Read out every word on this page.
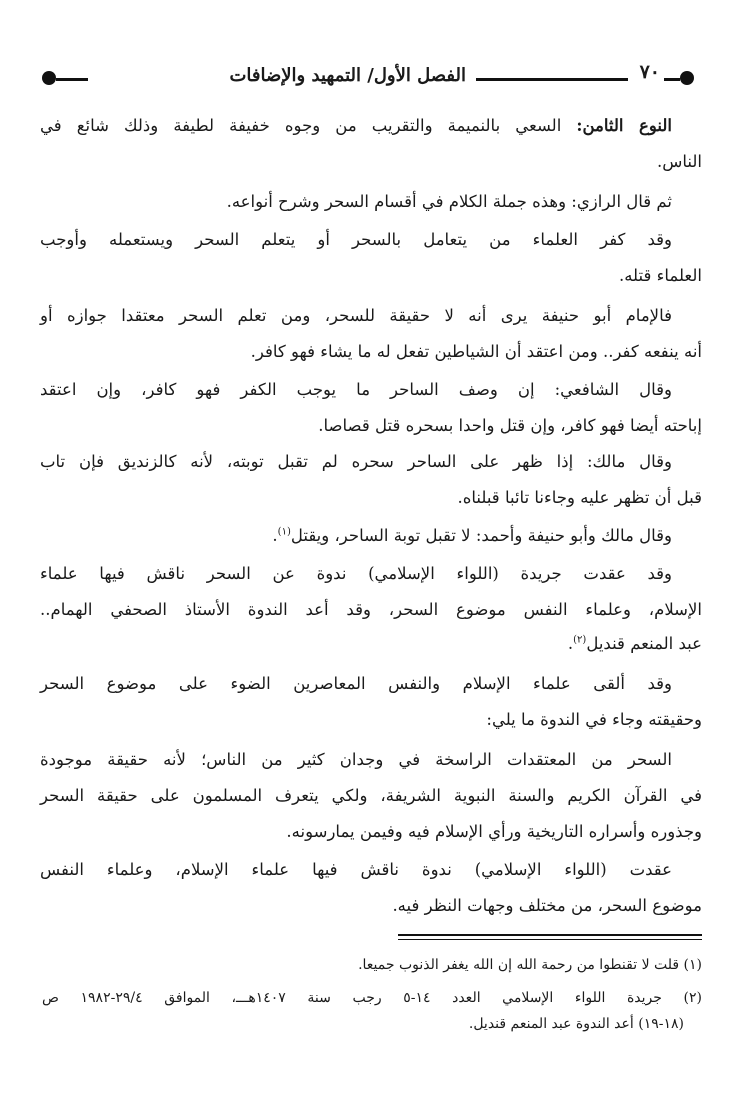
٧٠
الفصل الأول/ التمهيد والإضافات
النوع الثامن: السعي بالنميمة والتقريب من وجوه خفيفة لطيفة وذلك شائع في
الناس.
ثم قال الرازي: وهذه جملة الكلام في أقسام السحر وشرح أنواعه.
وقد كفر العلماء من يتعامل بالسحر أو يتعلم السحر ويستعمله وأوجب
العلماء قتله.
فالإمام أبو حنيفة يرى أنه لا حقيقة للسحر، ومن تعلم السحر معتقدا جوازه أو
أنه ينفعه كفر.. ومن اعتقد أن الشياطين تفعل له ما يشاء فهو كافر.
وقال الشافعي: إن وصف الساحر ما يوجب الكفر فهو كافر، وإن اعتقد
إباحته أيضا فهو كافر، وإن قتل واحدا بسحره قتل قصاصا.
وقال مالك: إذا ظهر على الساحر سحره لم تقبل توبته، لأنه كالزنديق فإن تاب
قبل أن تظهر عليه وجاءنا تائبا قبلناه.
وقال مالك وأبو حنيفة وأحمد: لا تقبل توبة الساحر، ويقتل$^{(١)}$.
وقد عقدت جريدة (اللواء الإسلامي) ندوة عن السحر ناقش فيها علماء
الإسلام، وعلماء النفس موضوع السحر، وقد أعد الندوة الأستاذ الصحفي الهمام..
عبد المنعم قنديل$^{(٢)}$.
وقد ألقى علماء الإسلام والنفس المعاصرين الضوء على موضوع السحر
وحقيقته وجاء في الندوة ما يلي:
السحر من المعتقدات الراسخة في وجدان كثير من الناس؛ لأنه حقيقة موجودة
في القرآن الكريم والسنة النبوية الشريفة، ولكي يتعرف المسلمون على حقيقة السحر
وجذوره وأسراره التاريخية ورأي الإسلام فيه وفيمن يمارسونه.
عقدت (اللواء الإسلامي) ندوة ناقش فيها علماء الإسلام، وعلماء النفس
موضوع السحر، من مختلف وجهات النظر فيه.
(١) قلت لا تقنطوا من رحمة الله إن الله يغفر الذنوب جميعا.
(٢) جريدة اللواء الإسلامي العدد ١٤-٥ رجب سنة ١٤٠٧هـــ، الموافق ٢٩/٤-١٩٨٢ ص
(١٨-١٩) أعد الندوة عبد المنعم قنديل.
